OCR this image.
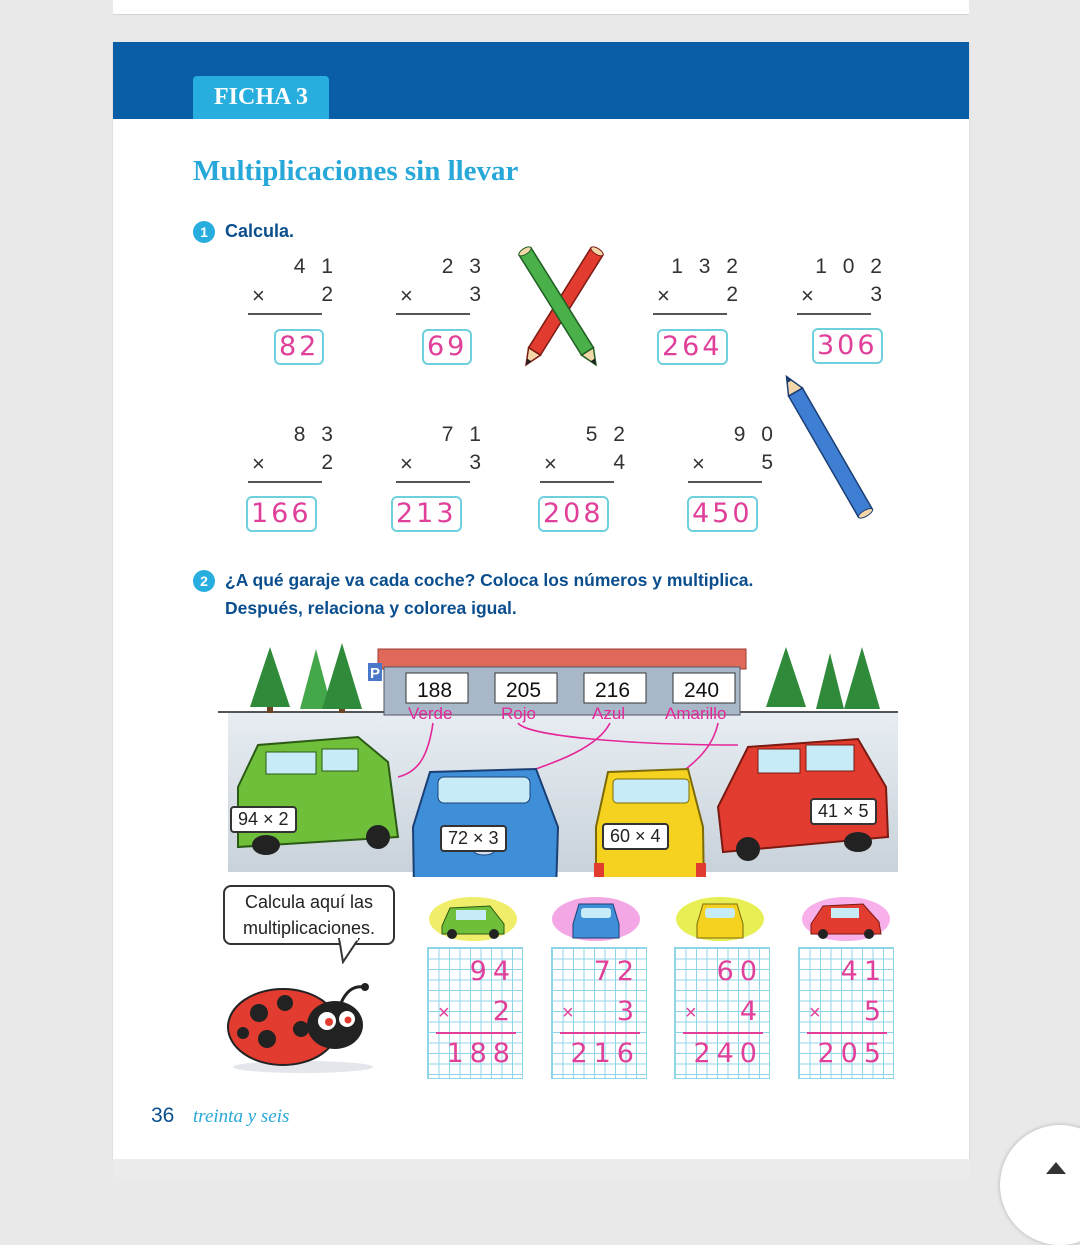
FICHA 3
Multiplicaciones sin llevar
1 Calcula.
4 1
×	2
82
2 3
×	3
69
1 3 2
×	2
264
1 0 2
×	3
306
8 3
×	2
166
7 1
×	3
213
5 2
×	4
208
9 0
×	5
450
2 ¿A qué garaje va cada coche? Coloca los números y multiplica.
Después, relaciona y colorea igual.
P
188	205	216	240
Verde	Rojo	Azul Amarillo
94 × 2
72 × 3	60 × 4
41 × 5
Calcula aquí las multiplicaciones.
94
× 2
188
72
× 3
216
60
× 4
240
41
× 5
205
36 treinta y seis
